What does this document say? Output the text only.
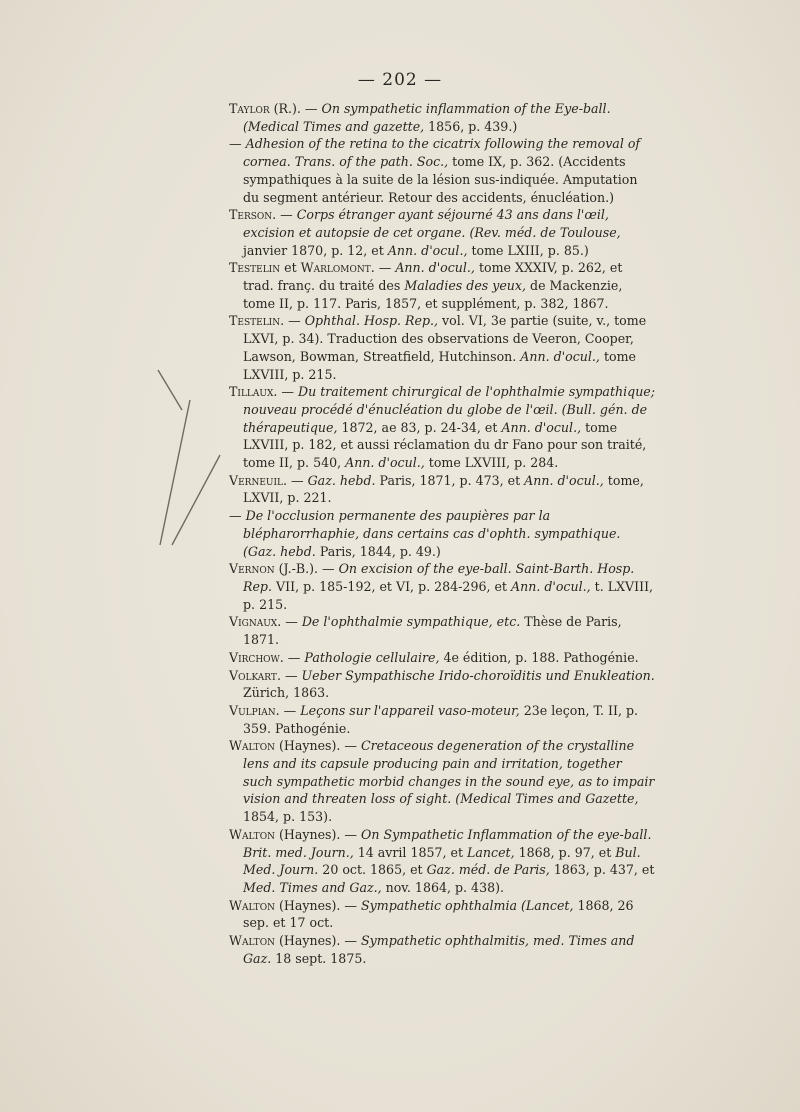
— 202 —

Taylor (R.). — On sympathetic inflammation of the Eye-ball. (Medical Times and gazette, 1856, p. 439.)

— Adhesion of the retina to the cicatrix following the removal of cornea. Trans. of the path. Soc., tome IX, p. 362. (Accidents sympathiques à la suite de la lésion sus-indiquée. Amputation du segment antérieur. Retour des accidents, énucléation.)

Terson. — Corps étranger ayant séjourné 43 ans dans l'œil, excision et autopsie de cet organe. (Rev. méd. de Toulouse, janvier 1870, p. 12, et Ann. d'ocul., tome LXIII, p. 85.)

Testelin et Warlomont. — Ann. d'ocul., tome XXXIV, p. 262, et trad. franç. du traité des Maladies des yeux, de Mackenzie, tome II, p. 117. Paris, 1857, et supplément, p. 382, 1867.

Testelin. — Ophthal. Hosp. Rep., vol. VI, 3e partie (suite, v., tome LXVI, p. 34). Traduction des observations de Veeron, Cooper, Lawson, Bowman, Streatfield, Hutchinson. Ann. d'ocul., tome LXVIII, p. 215.

Tillaux. — Du traitement chirurgical de l'ophthalmie sympathique; nouveau procédé d'énucléation du globe de l'œil. (Bull. gén. de thérapeutique, 1872, ae 83, p. 24-34, et Ann. d'ocul., tome LXVIII, p. 182, et aussi réclamation du dr Fano pour son traité, tome II, p. 540, Ann. d'ocul., tome LXVIII, p. 284.

Verneuil. — Gaz. hebd. Paris, 1871, p. 473, et Ann. d'ocul., tome, LXVII, p. 221.

— De l'occlusion permanente des paupières par la blépharorrhaphie, dans certains cas d'ophth. sympathique. (Gaz. hebd. Paris, 1844, p. 49.)

Vernon (J.-B.). — On excision of the eye-ball. Saint-Barth. Hosp. Rep. VII, p. 185-192, et VI, p. 284-296, et Ann. d'ocul., t. LXVIII, p. 215.

Vignaux. — De l'ophthalmie sympathique, etc. Thèse de Paris, 1871.

Virchow. — Pathologie cellulaire, 4e édition, p. 188. Pathogénie.

Volkart. — Ueber Sympathische Irido-choroïditis und Enukleation. Zürich, 1863.

Vulpian. — Leçons sur l'appareil vaso-moteur, 23e leçon, T. II, p. 359. Pathogénie.

Walton (Haynes). — Cretaceous degeneration of the crystalline lens and its capsule producing pain and irritation, together such sympathetic morbid changes in the sound eye, as to impair vision and threaten loss of sight. (Medical Times and Gazette, 1854, p. 153).

Walton (Haynes). — On Sympathetic Inflammation of the eye-ball. Brit. med. Journ., 14 avril 1857, et Lancet, 1868, p. 97, et Bul. Med. Journ. 20 oct. 1865, et Gaz. méd. de Paris, 1863, p. 437, et Med. Times and Gaz., nov. 1864, p. 438).

Walton (Haynes). — Sympathetic ophthalmia (Lancet, 1868, 26 sep. et 17 oct.

Walton (Haynes). — Sympathetic ophthalmitis, med. Times and Gaz. 18 sept. 1875.
